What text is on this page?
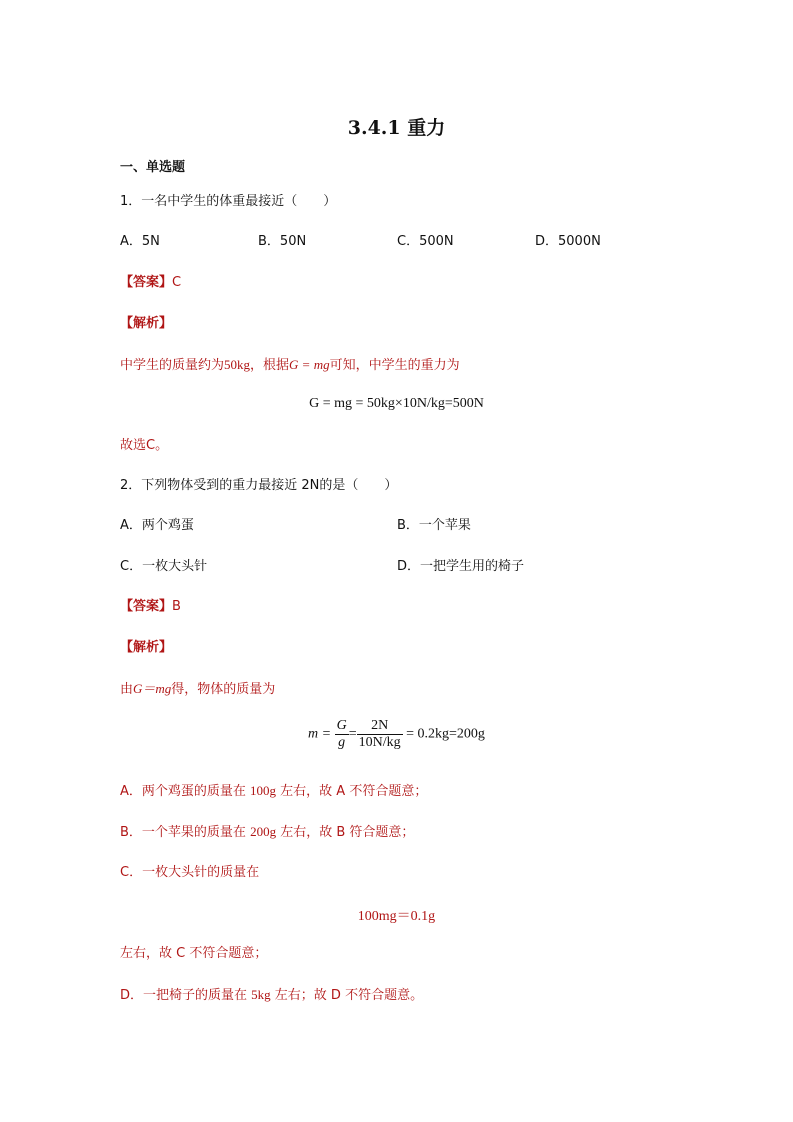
3.4.1 重力
一、单选题
1．一名中学生的体重最接近（　　）
A．5N	B．50N	C．500N	D．5000N
【答案】C
【解析】
中学生的质量约为50kg，根据G = mg可知，中学生的重力为
G = mg = 50kg×10N/kg=500N
故选C。
2．下列物体受到的重力最接近 2N的是（　　）
A．两个鸡蛋	B．一个苹果
C．一枚大头针	D．一把学生用的椅子
【答案】B
【解析】
由G＝mg得，物体的质量为
$m = \frac{G}{g} = \frac{2N}{10N/kg} = 0.2kg=200g$
A．两个鸡蛋的质量在 100g 左右，故 A 不符合题意；
B．一个苹果的质量在 200g 左右，故 B 符合题意；
C．一枚大头针的质量在
100mg＝0.1g
左右，故 C 不符合题意；
D．一把椅子的质量在 5kg 左右；故 D 不符合题意。
